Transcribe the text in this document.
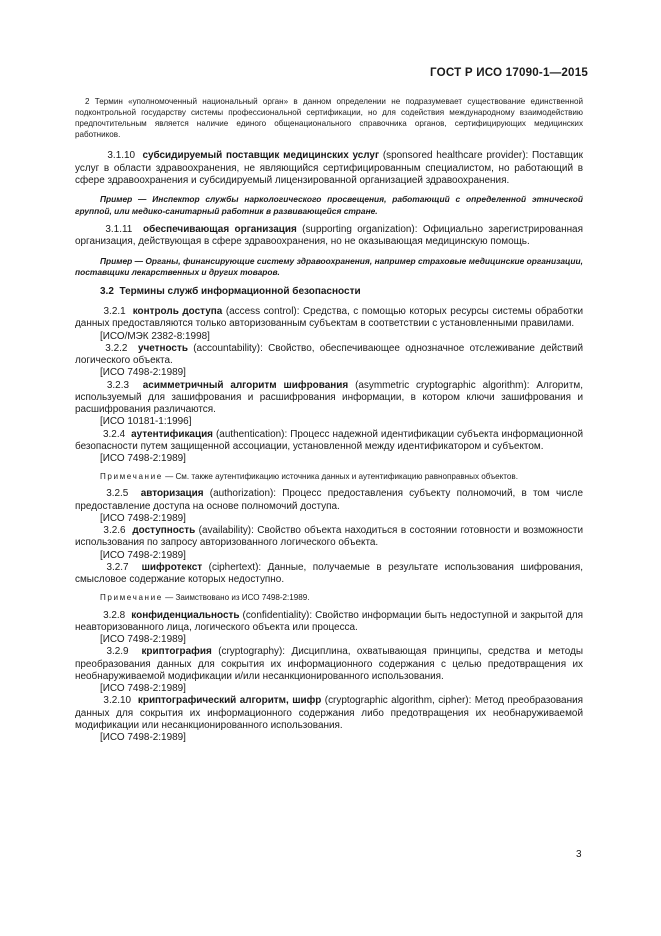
ГОСТ Р ИСО 17090-1—2015

2 Термин «уполномоченный национальный орган» в данном определении не подразумевает существование единственной подконтрольной государству системы профессиональной сертификации, но для содействия международному взаимодействию предпочтительным является наличие единого общенационального справочника органов, сертифицирующих медицинских работников.

3.1.10 субсидируемый поставщик медицинских услуг (sponsored healthcare provider): Поставщик услуг в области здравоохранения, не являющийся сертифицированным специалистом, но работающий в сфере здравоохранения и субсидируемый лицензированной организацией здравоохранения.

Пример — Инспектор службы наркологического просвещения, работающий с определенной этнической группой, или медико-санитарный работник в развивающейся стране.

3.1.11 обеспечивающая организация (supporting organization): Официально зарегистрированная организация, действующая в сфере здравоохранения, но не оказывающая медицинскую помощь.

Пример — Органы, финансирующие систему здравоохранения, например страховые медицинские организации, поставщики лекарственных и других товаров.

3.2 Термины служб информационной безопасности

3.2.1 контроль доступа (access control): Средства, с помощью которых ресурсы системы обработки данных предоставляются только авторизованным субъектам в соответствии с установленными правилами.

[ИСО/МЭК 2382-8:1998]

3.2.2 учетность (accountability): Свойство, обеспечивающее однозначное отслеживание действий логического объекта.

[ИСО 7498-2:1989]

3.2.3 асимметричный алгоритм шифрования (asymmetric cryptographic algorithm): Алгоритм, используемый для зашифрования и расшифрования информации, в котором ключи зашифрования и расшифрования различаются.

[ИСО 10181-1:1996]

3.2.4 аутентификация (authentication): Процесс надежной идентификации субъекта информационной безопасности путем защищенной ассоциации, установленной между идентификатором и субъектом.

[ИСО 7498-2:1989]

Примечание — См. также аутентификацию источника данных и аутентификацию равноправных объектов.

3.2.5 авторизация (authorization): Процесс предоставления субъекту полномочий, в том числе предоставление доступа на основе полномочий доступа.

[ИСО 7498-2:1989]

3.2.6 доступность (availability): Свойство объекта находиться в состоянии готовности и возможности использования по запросу авторизованного логического объекта.

[ИСО 7498-2:1989]

3.2.7 шифротекст (ciphertext): Данные, получаемые в результате использования шифрования, смысловое содержание которых недоступно.

Примечание — Заимствовано из ИСО 7498-2:1989.

3.2.8 конфиденциальность (confidentiality): Свойство информации быть недоступной и закрытой для неавторизованного лица, логического объекта или процесса.

[ИСО 7498-2:1989]

3.2.9 криптография (cryptography): Дисциплина, охватывающая принципы, средства и методы преобразования данных для сокрытия их информационного содержания с целью предотвращения их необнаруживаемой модификации и/или несанкционированного использования.

[ИСО 7498-2:1989]

3.2.10 криптографический алгоритм, шифр (cryptographic algorithm, cipher): Метод преобразования данных для сокрытия их информационного содержания либо предотвращения их необнаруживаемой модификации или несанкционированного использования.

[ИСО 7498-2:1989]

3
